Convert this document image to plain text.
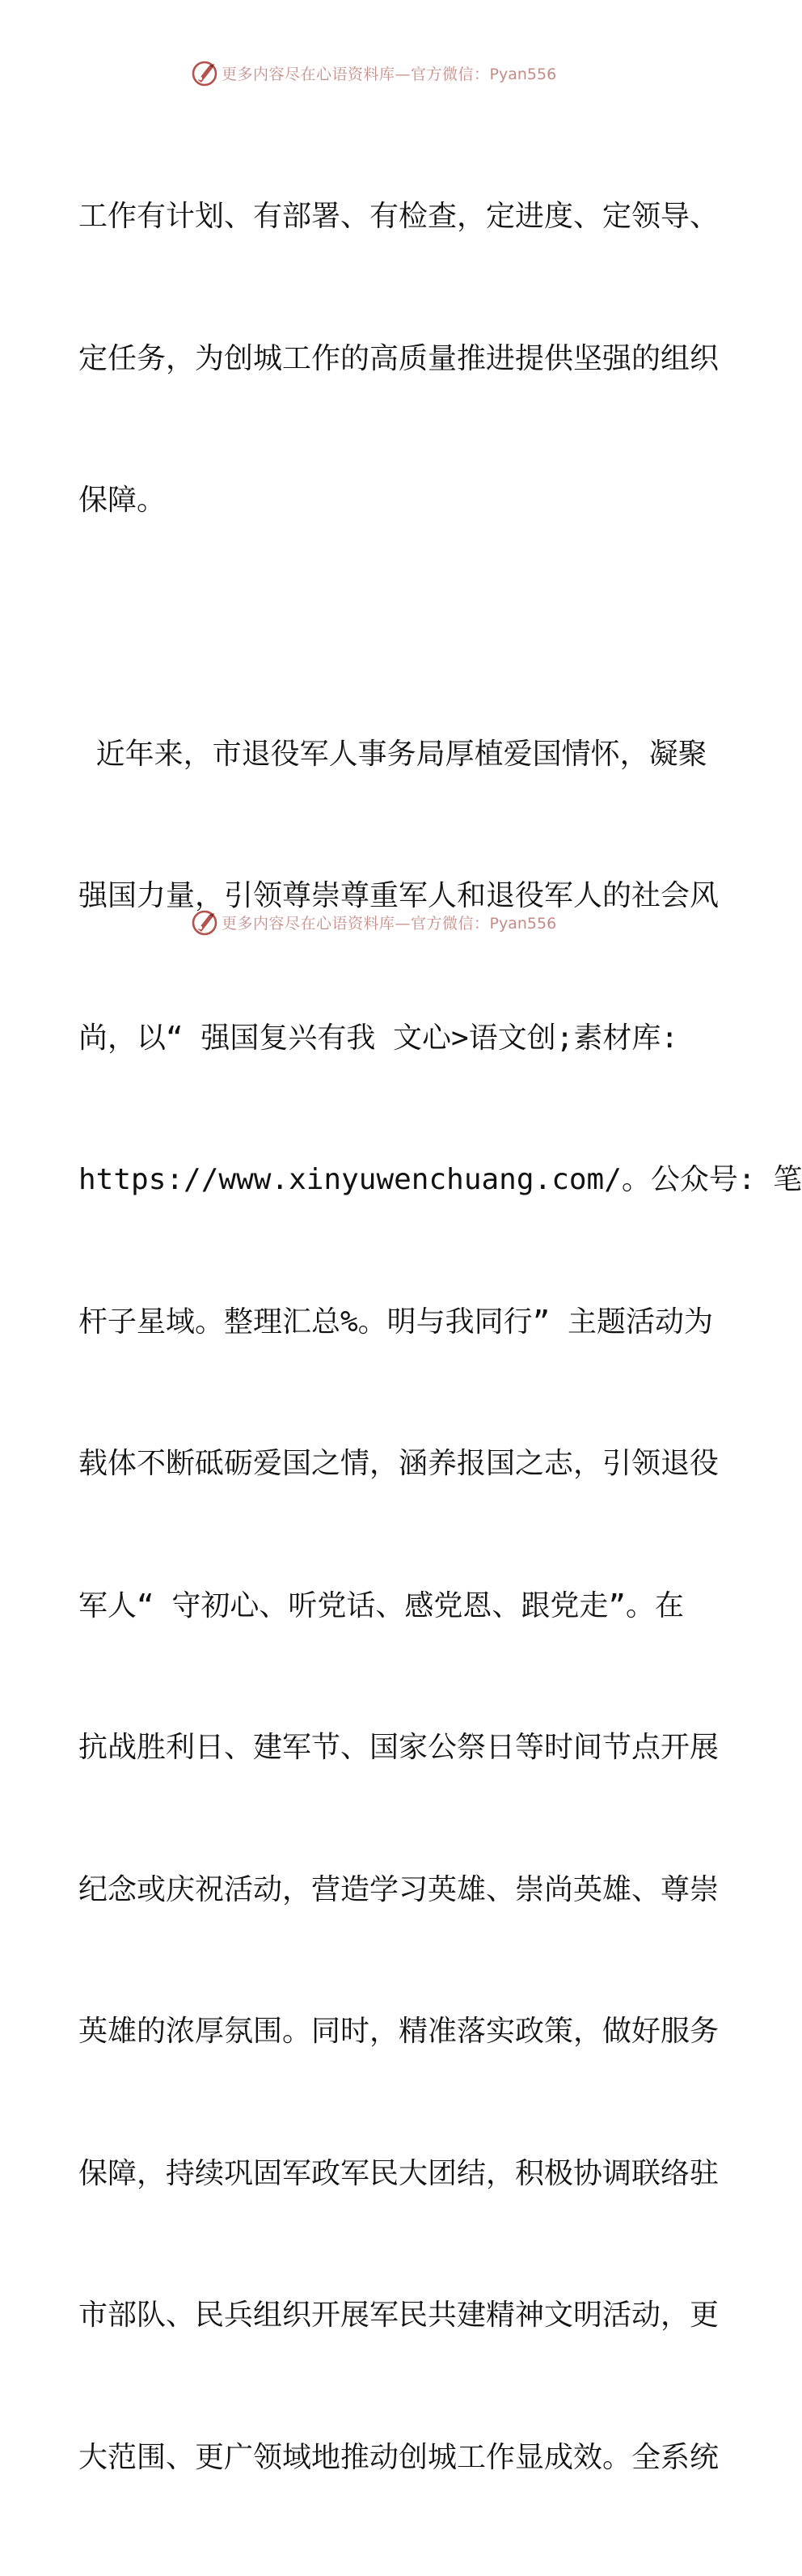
更多内容尽在心语资料库—官方微信：Pyan556

工作有计划、有部署、有检查，定进度、定领导、

定任务，为创城工作的高质量推进提供坚强的组织

保障。

近年来，市退役军人事务局厚植爱国情怀，凝聚

强国力量，引领尊崇尊重军人和退役军人的社会风

尚，以“ 强国复兴有我 文心>语文创;素材库:

https://www.xinyuwenchuang.com/。公众号: 笔

杆子星域。整理汇总%。明与我同行” 主题活动为

载体不断砥砺爱国之情，涵养报国之志，引领退役

军人“ 守初心、听党话、感党恩、跟党走”。在

抗战胜利日、建军节、国家公祭日等时间节点开展

纪念或庆祝活动，营造学习英雄、崇尚英雄、尊崇

英雄的浓厚氛围。同时，精准落实政策，做好服务

保障，持续巩固军政军民大团结，积极协调联络驻

市部队、民兵组织开展军民共建精神文明活动，更

大范围、更广领域地推动创城工作显成效。全系统

更多内容尽在心语资料库—官方微信：Pyan556
